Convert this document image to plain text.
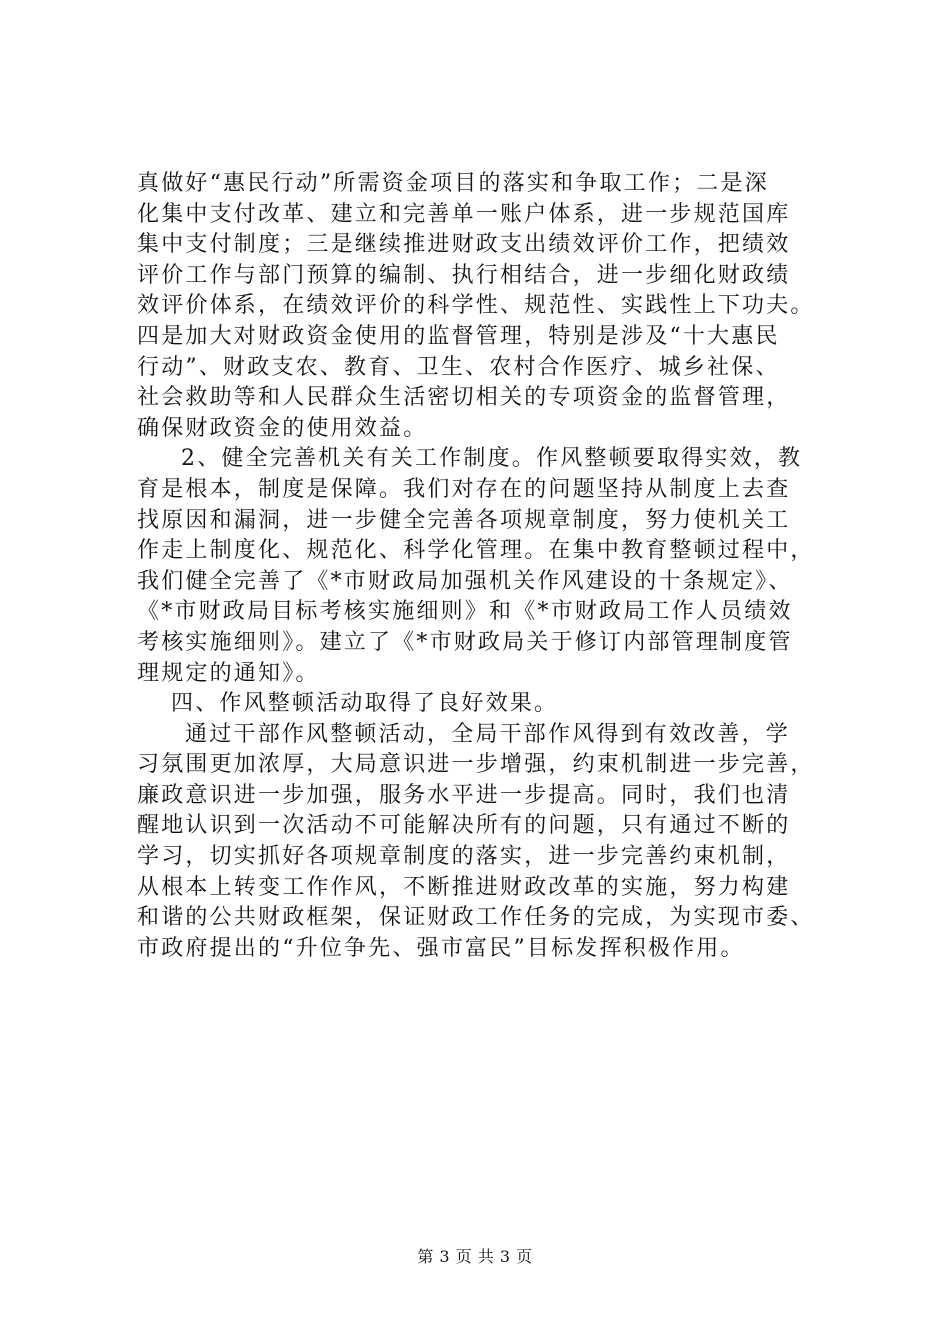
真做好“惠民行动”所需资金项目的落实和争取工作；二是深
化集中支付改革、建立和完善单一账户体系，进一步规范国库
集中支付制度；三是继续推进财政支出绩效评价工作，把绩效
评价工作与部门预算的编制、执行相结合，进一步细化财政绩
效评价体系，在绩效评价的科学性、规范性、实践性上下功夫。
四是加大对财政资金使用的监督管理，特别是涉及“十大惠民
行动”、财政支农、教育、卫生、农村合作医疗、城乡社保、
社会救助等和人民群众生活密切相关的专项资金的监督管理，
确保财政资金的使用效益。
2、健全完善机关有关工作制度。作风整顿要取得实效，教
育是根本，制度是保障。我们对存在的问题坚持从制度上去查
找原因和漏洞，进一步健全完善各项规章制度，努力使机关工
作走上制度化、规范化、科学化管理。在集中教育整顿过程中，
我们健全完善了《*市财政局加强机关作风建设的十条规定》、
《*市财政局目标考核实施细则》和《*市财政局工作人员绩效
考核实施细则》。建立了《*市财政局关于修订内部管理制度管
理规定的通知》。
四、作风整顿活动取得了良好效果。
通过干部作风整顿活动，全局干部作风得到有效改善，学
习氛围更加浓厚，大局意识进一步增强，约束机制进一步完善，
廉政意识进一步加强，服务水平进一步提高。同时，我们也清
醒地认识到一次活动不可能解决所有的问题，只有通过不断的
学习，切实抓好各项规章制度的落实，进一步完善约束机制，
从根本上转变工作作风，不断推进财政改革的实施，努力构建
和谐的公共财政框架，保证财政工作任务的完成，为实现市委、
市政府提出的“升位争先、强市富民”目标发挥积极作用。
第 3 页 共 3 页
